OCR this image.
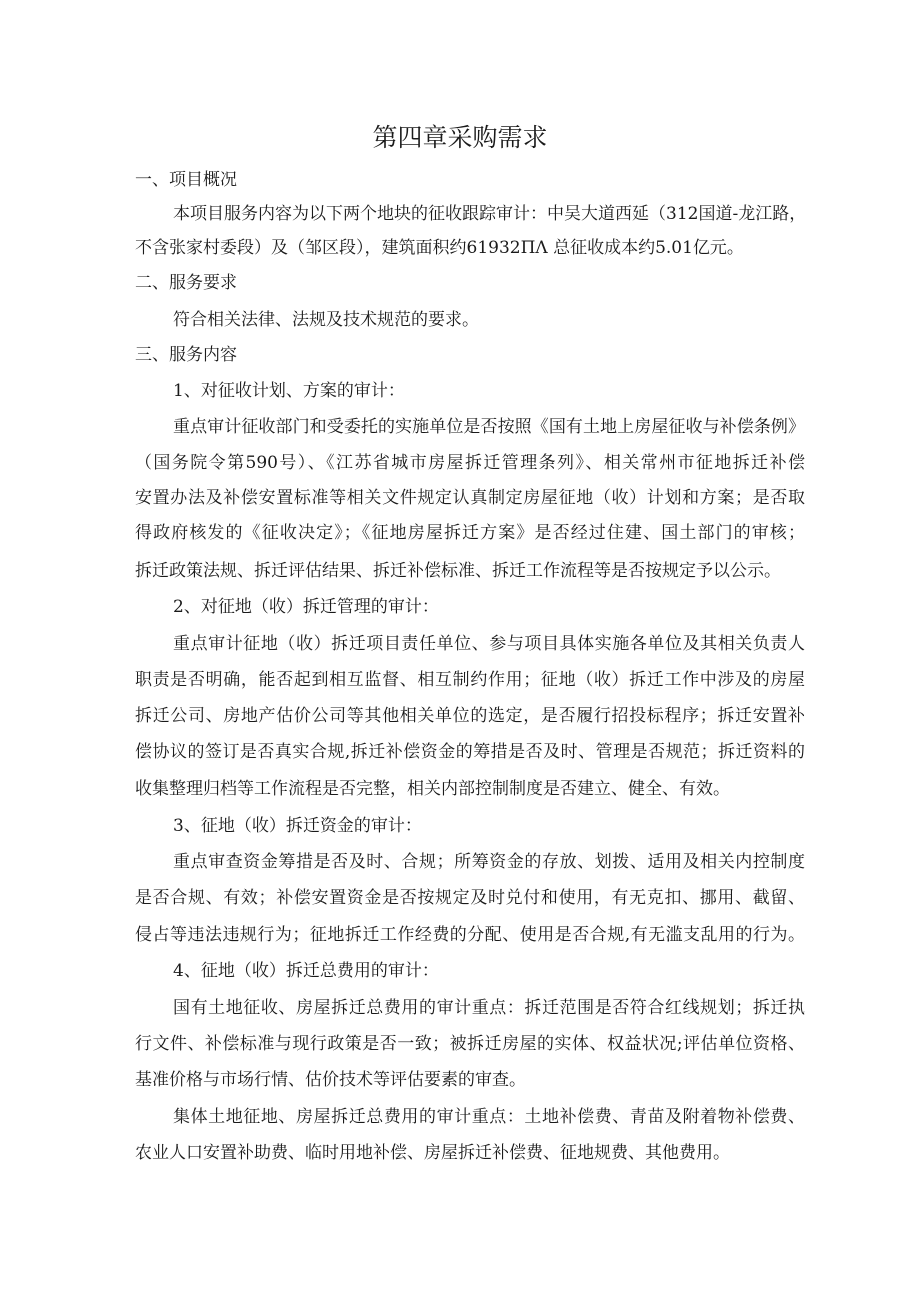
第四章采购需求
一、项目概况
本项目服务内容为以下两个地块的征收跟踪审计：中吴大道西延（312国道-龙江路，
不含张家村委段）及（邹区段），建筑面积约61932ΠΛ 总征收成本约5.01亿元。
二、服务要求
符合相关法律、法规及技术规范的要求。
三、服务内容
1、对征收计划、方案的审计：
重点审计征收部门和受委托的实施单位是否按照《国有土地上房屋征收与补偿条例》
（国务院令第590号）、《江苏省城市房屋拆迁管理条列》、相关常州市征地拆迁补偿
安置办法及补偿安置标准等相关文件规定认真制定房屋征地（收）计划和方案；是否取
得政府核发的《征收决定》；《征地房屋拆迁方案》是否经过住建、国土部门的审核；
拆迁政策法规、拆迁评估结果、拆迁补偿标准、拆迁工作流程等是否按规定予以公示。
2、对征地（收）拆迁管理的审计：
重点审计征地（收）拆迁项目责任单位、参与项目具体实施各单位及其相关负责人
职责是否明确，能否起到相互监督、相互制约作用；征地（收）拆迁工作中涉及的房屋
拆迁公司、房地产估价公司等其他相关单位的选定，是否履行招投标程序；拆迁安置补
偿协议的签订是否真实合规,拆迁补偿资金的筹措是否及时、管理是否规范；拆迁资料的
收集整理归档等工作流程是否完整，相关内部控制制度是否建立、健全、有效。
3、征地（收）拆迁资金的审计：
重点审查资金筹措是否及时、合规；所筹资金的存放、划拨、适用及相关内控制度
是否合规、有效；补偿安置资金是否按规定及时兑付和使用，有无克扣、挪用、截留、
侵占等违法违规行为；征地拆迁工作经费的分配、使用是否合规,有无滥支乱用的行为。
4、征地（收）拆迁总费用的审计：
国有土地征收、房屋拆迁总费用的审计重点：拆迁范围是否符合红线规划；拆迁执
行文件、补偿标准与现行政策是否一致；被拆迁房屋的实体、权益状况;评估单位资格、
基准价格与市场行情、估价技术等评估要素的审查。
集体土地征地、房屋拆迁总费用的审计重点：土地补偿费、青苗及附着物补偿费、
农业人口安置补助费、临时用地补偿、房屋拆迁补偿费、征地规费、其他费用。
